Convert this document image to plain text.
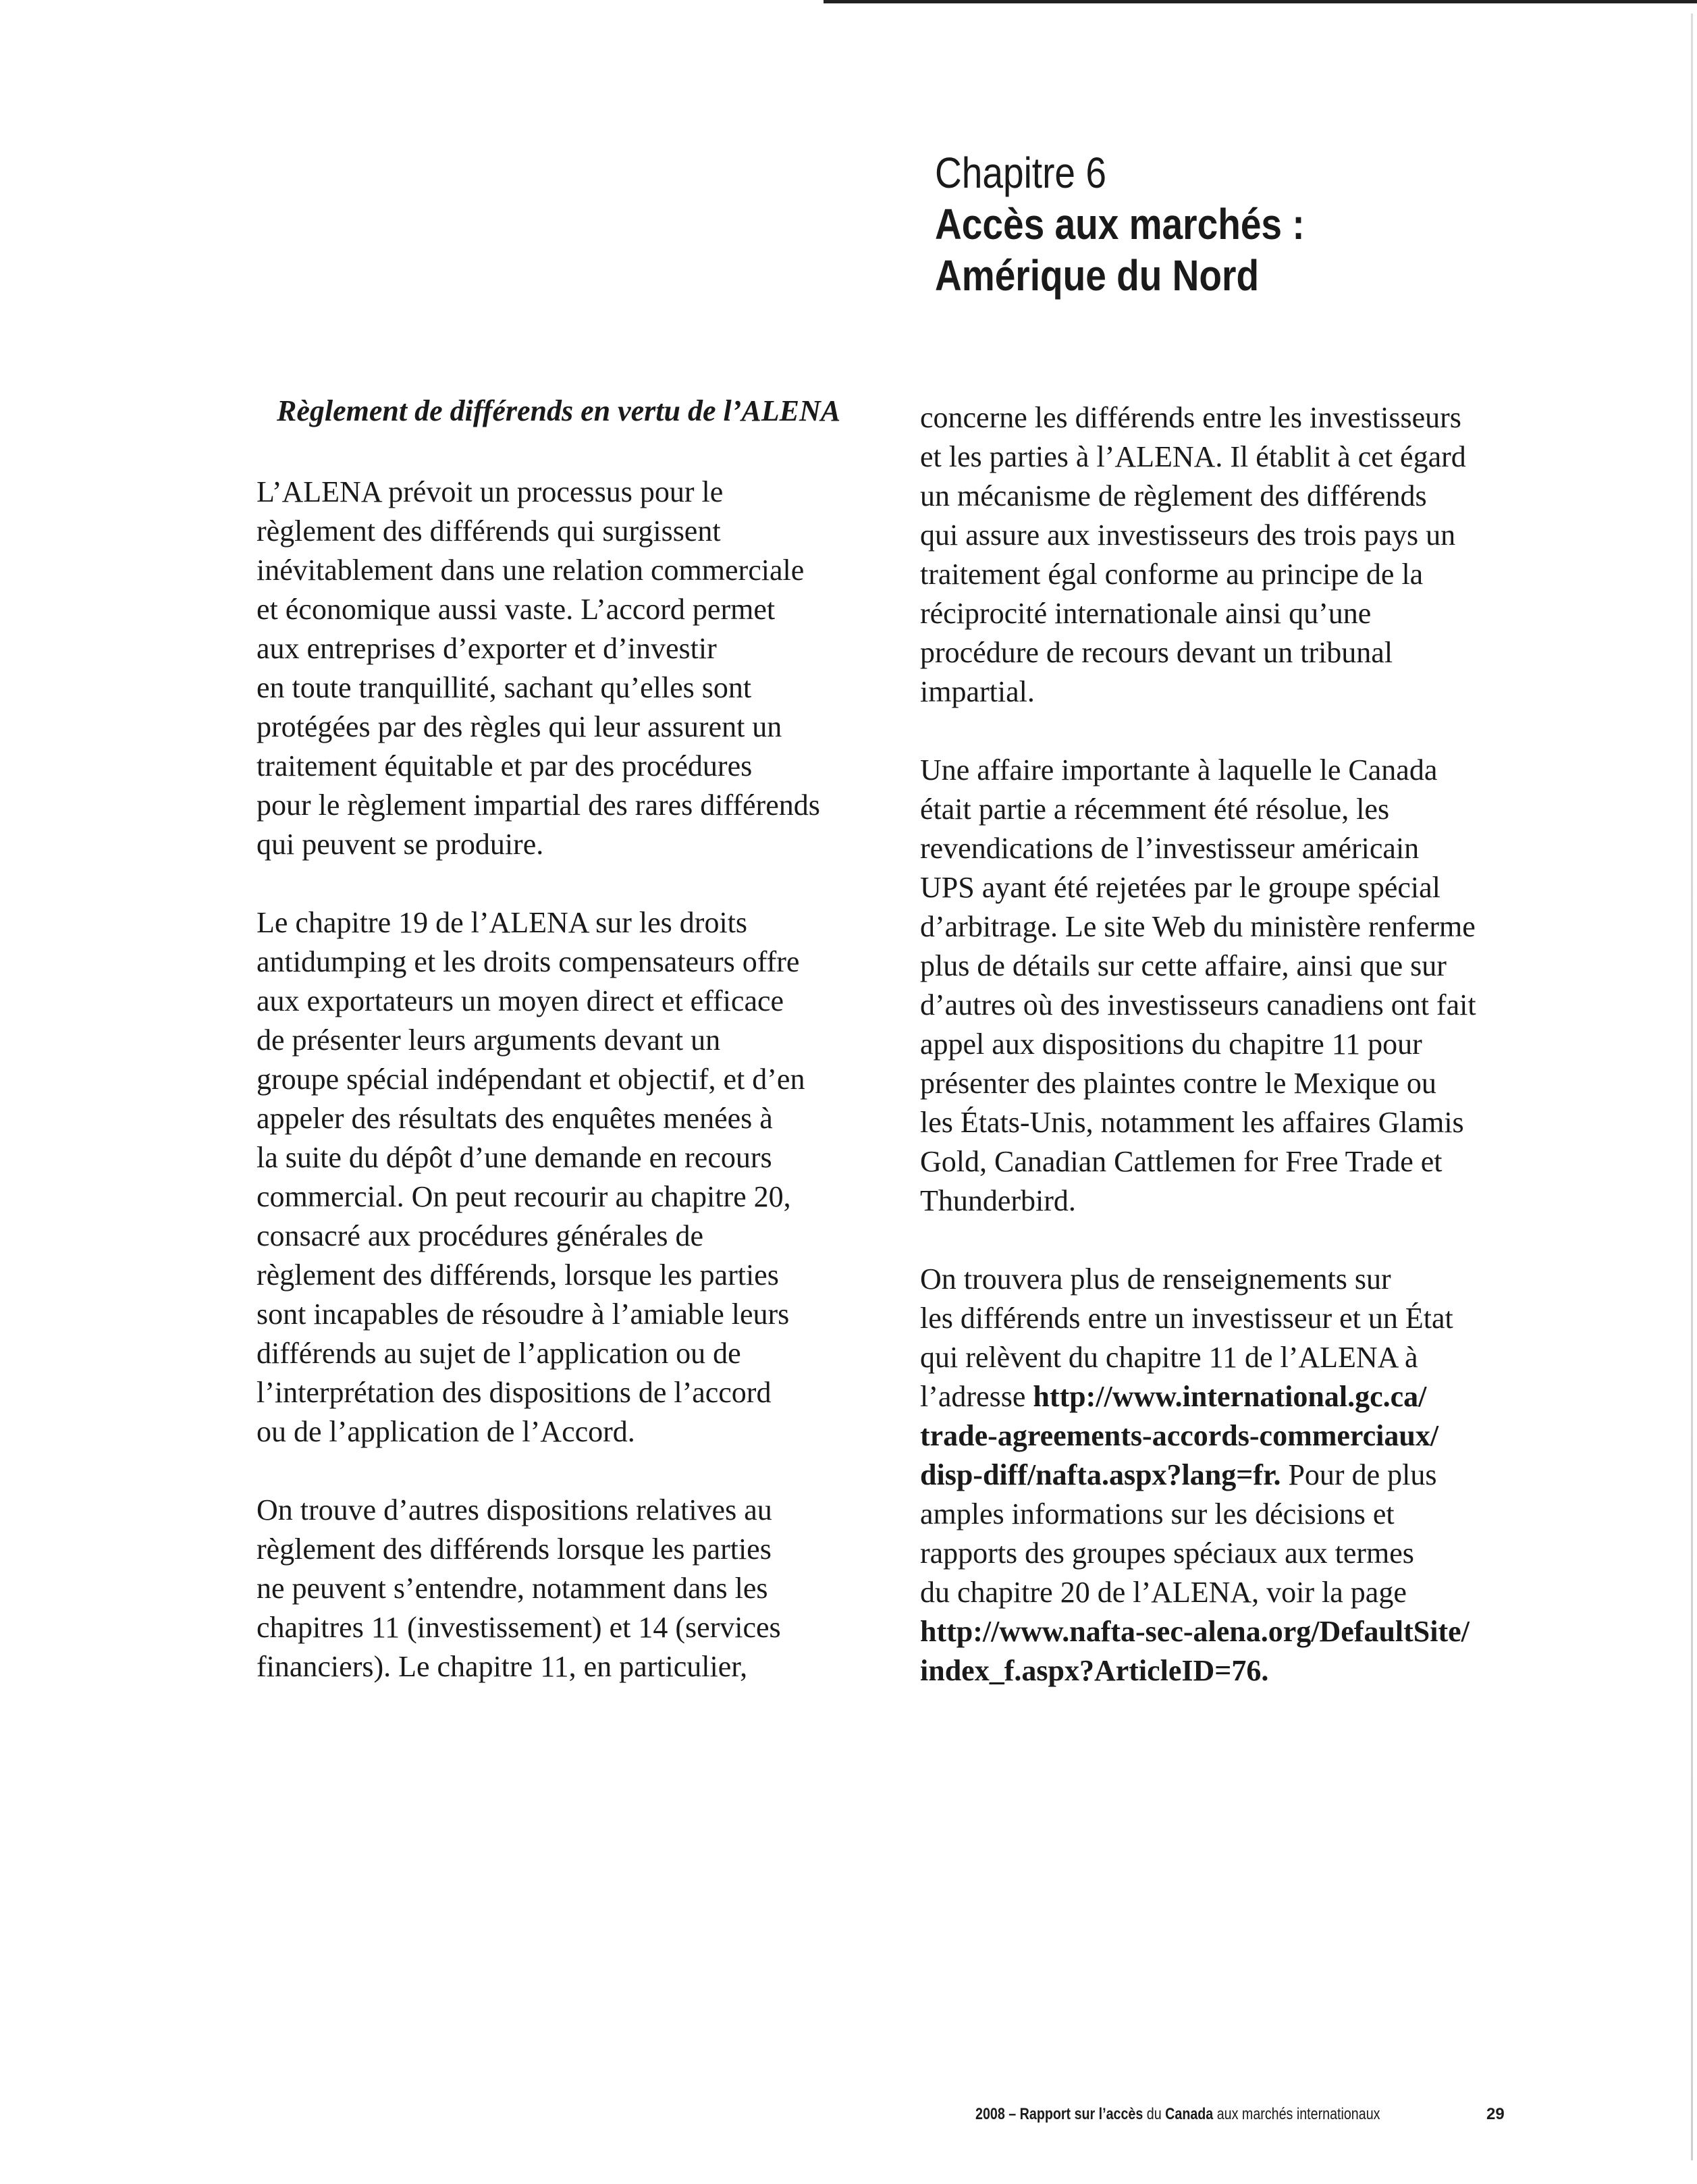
Chapitre 6
Accès aux marchés :
Amérique du Nord
Règlement de différends en vertu de l’ALENA
L’ALENA prévoit un processus pour le
règlement des différends qui surgissent
inévitablement dans une relation commerciale
et économique aussi vaste. L’accord permet
aux entreprises d’exporter et d’investir
en toute tranquillité, sachant qu’elles sont
protégées par des règles qui leur assurent un
traitement équitable et par des procédures
pour le règlement impartial des rares différends
qui peuvent se produire.
Le chapitre 19 de l’ALENA sur les droits
antidumping et les droits compensateurs offre
aux exportateurs un moyen direct et efficace
de présenter leurs arguments devant un
groupe spécial indépendant et objectif, et d’en
appeler des résultats des enquêtes menées à
la suite du dépôt d’une demande en recours
commercial. On peut recourir au chapitre 20,
consacré aux procédures générales de
règlement des différends, lorsque les parties
sont incapables de résoudre à l’amiable leurs
différends au sujet de l’application ou de
l’interprétation des dispositions de l’accord
ou de l’application de l’Accord.
On trouve d’autres dispositions relatives au
règlement des différends lorsque les parties
ne peuvent s’entendre, notamment dans les
chapitres 11 (investissement) et 14 (services
financiers). Le chapitre 11, en particulier,
concerne les différends entre les investisseurs
et les parties à l’ALENA. Il établit à cet égard
un mécanisme de règlement des différends
qui assure aux investisseurs des trois pays un
traitement égal conforme au principe de la
réciprocité internationale ainsi qu’une
procédure de recours devant un tribunal
impartial.
Une affaire importante à laquelle le Canada
était partie a récemment été résolue, les
revendications de l’investisseur américain
UPS ayant été rejetées par le groupe spécial
d’arbitrage. Le site Web du ministère renferme
plus de détails sur cette affaire, ainsi que sur
d’autres où des investisseurs canadiens ont fait
appel aux dispositions du chapitre 11 pour
présenter des plaintes contre le Mexique ou
les États-Unis, notamment les affaires Glamis
Gold, Canadian Cattlemen for Free Trade et
Thunderbird.
On trouvera plus de renseignements sur
les différends entre un investisseur et un État
qui relèvent du chapitre 11 de l’ALENA à
l’adresse http://www.international.gc.ca/
trade-agreements-accords-commerciaux/
disp-diff/nafta.aspx?lang=fr. Pour de plus
amples informations sur les décisions et
rapports des groupes spéciaux aux termes
du chapitre 20 de l’ALENA, voir la page
http://www.nafta-sec-alena.org/DefaultSite/
index_f.aspx?ArticleID=76.
2008 – Rapport sur l’accès du Canada aux marchés internationaux	29
